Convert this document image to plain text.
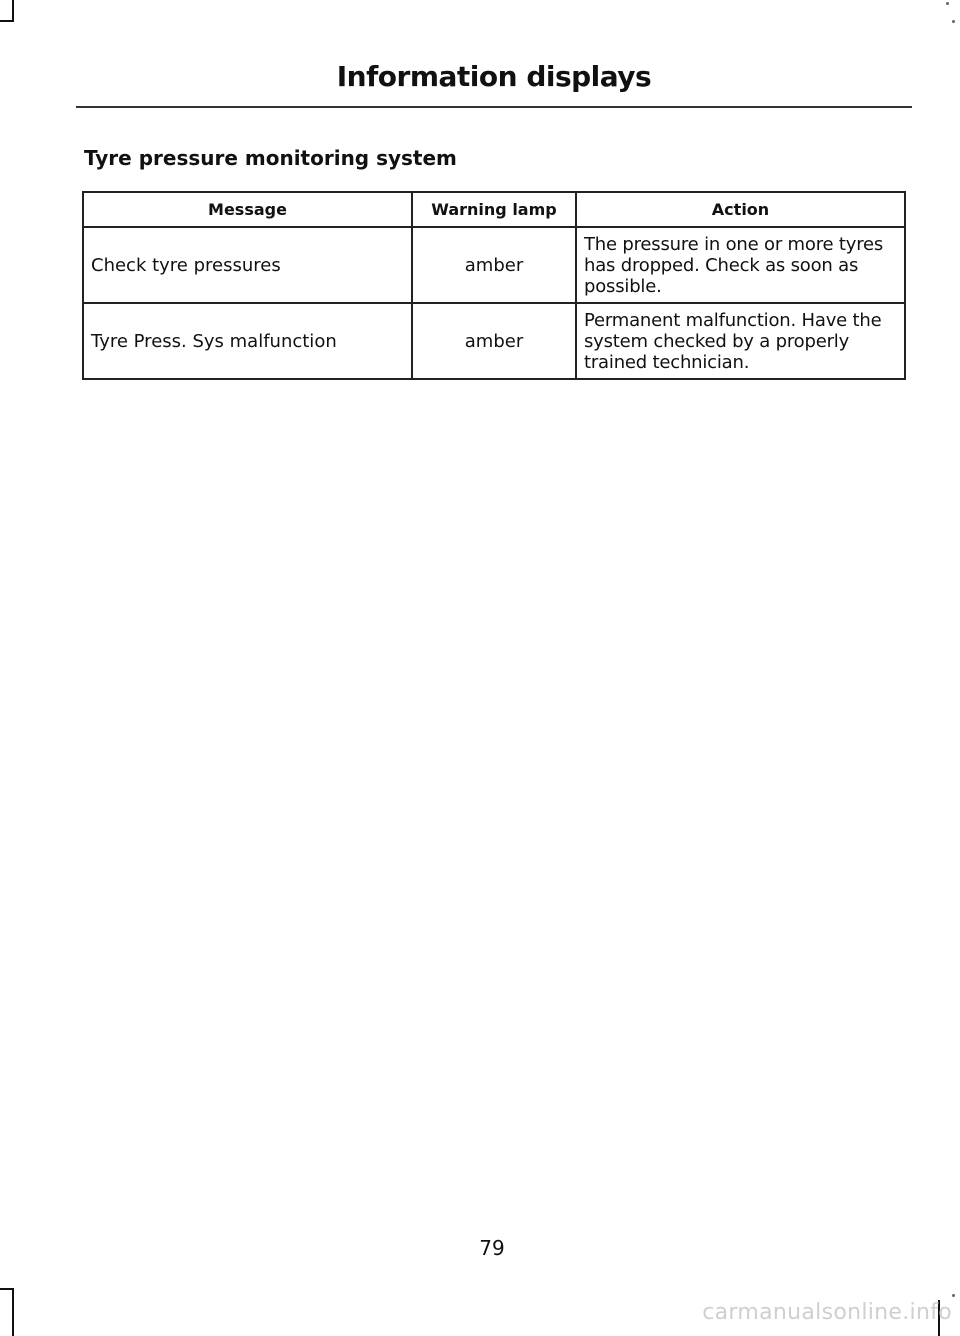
Information displays
Tyre pressure monitoring system
Message	Warning lamp	Action
Check tyre pressures	amber	The pressure in one or more tyres has dropped. Check as soon as possible.
Tyre Press. Sys malfunction	amber	Permanent malfunction. Have the system checked by a properly trained technician.
79
carmanualsonline.info
